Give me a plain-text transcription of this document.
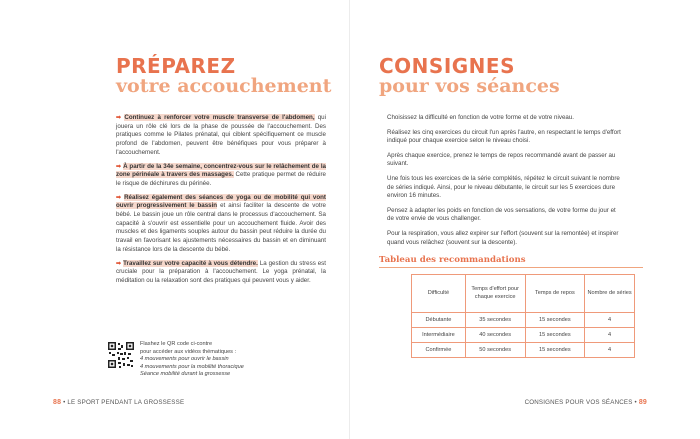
PRÉPAREZ
votre accouchement

➡ Continuez à renforcer votre muscle transverse de l'abdomen, qui jouera un rôle clé lors de la phase de poussée de l'accouchement. Des pratiques comme le Pilates prénatal, qui ciblent spécifiquement ce muscle profond de l'abdomen, peuvent être bénéfiques pour vous préparer à l'accouchement.

➡ À partir de la 34e semaine, concentrez-vous sur le relâchement de la zone périnéale à travers des massages. Cette pratique permet de réduire le risque de déchirures du périnée.

➡ Réalisez également des séances de yoga ou de mobilité qui vont ouvrir progressivement le bassin et ainsi faciliter la descente de votre bébé. Le bassin joue un rôle central dans le processus d'accouchement. Sa capacité à s'ouvrir est essentielle pour un accouchement fluide. Avoir des muscles et des ligaments souples autour du bassin peut réduire la durée du travail en favorisant les ajustements nécessaires du bassin et en diminuant la résistance lors de la descente du bébé.

➡ Travaillez sur votre capacité à vous détendre. La gestion du stress est cruciale pour la préparation à l'accouchement. Le yoga prénatal, la méditation ou la relaxation sont des pratiques qui peuvent vous y aider.

Flashez le QR code ci-contre
pour accéder aux vidéos thématiques :
4 mouvements pour ouvrir le bassin
4 mouvements pour la mobilité thoracique
Séance mobilité durant la grossesse
88 • LE SPORT PENDANT LA GROSSESSE
CONSIGNES
pour vos séances

Choisissez la difficulté en fonction de votre forme et de votre niveau.

Réalisez les cinq exercices du circuit l'un après l'autre, en respectant le temps d'effort indiqué pour chaque exercice selon le niveau choisi.

Après chaque exercice, prenez le temps de repos recommandé avant de passer au suivant.

Une fois tous les exercices de la série complétés, répétez le circuit suivant le nombre de séries indiqué. Ainsi, pour le niveau débutante, le circuit sur les 5 exercices dure environ 16 minutes.

Pensez à adapter les poids en fonction de vos sensations, de votre forme du jour et de votre envie de vous challenger.

Pour la respiration, vous allez expirer sur l'effort (souvent sur la remontée) et inspirer quand vous relâchez (souvent sur la descente).

Tableau des recommandations
Difficulté	Temps d'effort pour chaque exercice	Temps de repos	Nombre de séries
Débutante	35 secondes	15 secondes	4
Intermédiaire	40 secondes	15 secondes	4
Confirmée	50 secondes	15 secondes	4
CONSIGNES POUR VOS SÉANCES • 89
